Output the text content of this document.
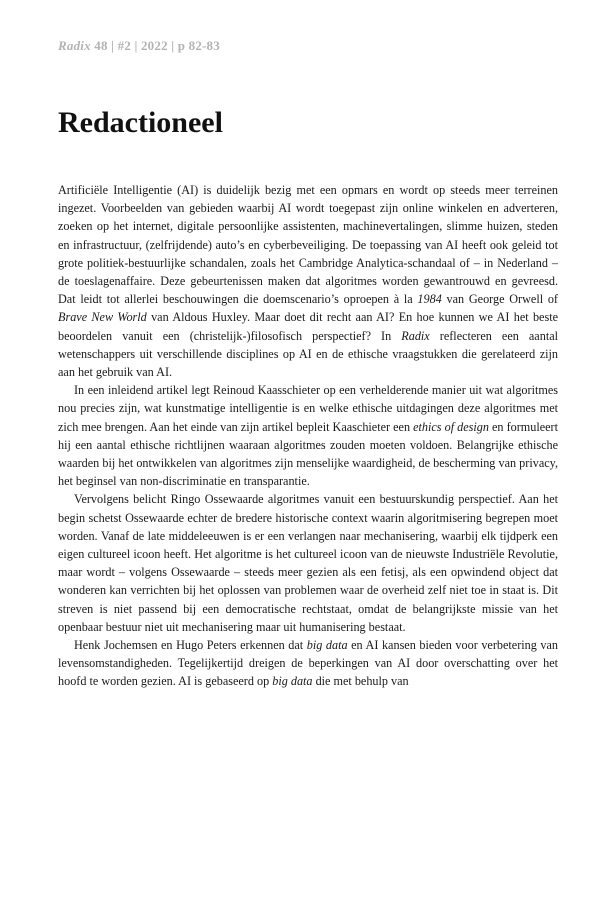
Radix 48 | #2 | 2022 | p 82-83
Redactioneel

Artificiële Intelligentie (AI) is duidelijk bezig met een opmars en wordt op steeds meer terreinen ingezet. Voorbeelden van gebieden waarbij AI wordt toegepast zijn online winkelen en adverteren, zoeken op het internet, digitale persoonlijke assistenten, machinevertalingen, slimme huizen, steden en infrastructuur, (zelfrijdende) auto’s en cyberbeveiliging. De toepassing van AI heeft ook geleid tot grote politiek-bestuurlijke schandalen, zoals het Cambridge Analytica-schandaal of – in Nederland – de toeslagenaffaire. Deze gebeurtenissen maken dat algoritmes worden gewantrouwd en gevreesd. Dat leidt tot allerlei beschouwingen die doemscenario’s oproepen à la 1984 van George Orwell of Brave New World van Aldous Huxley. Maar doet dit recht aan AI? En hoe kunnen we AI het beste beoordelen vanuit een (christelijk-)filosofisch perspectief? In Radix reflecteren een aantal wetenschappers uit verschillende disciplines op AI en de ethische vraagstukken die gerelateerd zijn aan het gebruik van AI.

In een inleidend artikel legt Reinoud Kaasschieter op een verhelderende manier uit wat algoritmes nou precies zijn, wat kunstmatige intelligentie is en welke ethische uitdagingen deze algoritmes met zich mee brengen. Aan het einde van zijn artikel bepleit Kaaschieter een ethics of design en formuleert hij een aantal ethische richtlijnen waaraan algoritmes zouden moeten voldoen. Belangrijke ethische waarden bij het ontwikkelen van algoritmes zijn menselijke waardigheid, de bescherming van privacy, het beginsel van non-discriminatie en transparantie.

Vervolgens belicht Ringo Ossewaarde algoritmes vanuit een bestuurskundig perspectief. Aan het begin schetst Ossewaarde echter de bredere historische context waarin algoritmisering begrepen moet worden. Vanaf de late middeleeuwen is er een verlangen naar mechanisering, waarbij elk tijdperk een eigen cultureel icoon heeft. Het algoritme is het cultureel icoon van de nieuwste Industriële Revolutie, maar wordt – volgens Ossewaarde – steeds meer gezien als een fetisj, als een opwindend object dat wonderen kan verrichten bij het oplossen van problemen waar de overheid zelf niet toe in staat is. Dit streven is niet passend bij een democratische rechtstaat, omdat de belangrijkste missie van het openbaar bestuur niet uit mechanisering maar uit humanisering bestaat.

Henk Jochemsen en Hugo Peters erkennen dat big data en AI kansen bieden voor verbetering van levensomstandigheden. Tegelijkertijd dreigen de beperkingen van AI door overschatting over het hoofd te worden gezien. AI is gebaseerd op big data die met behulp van
